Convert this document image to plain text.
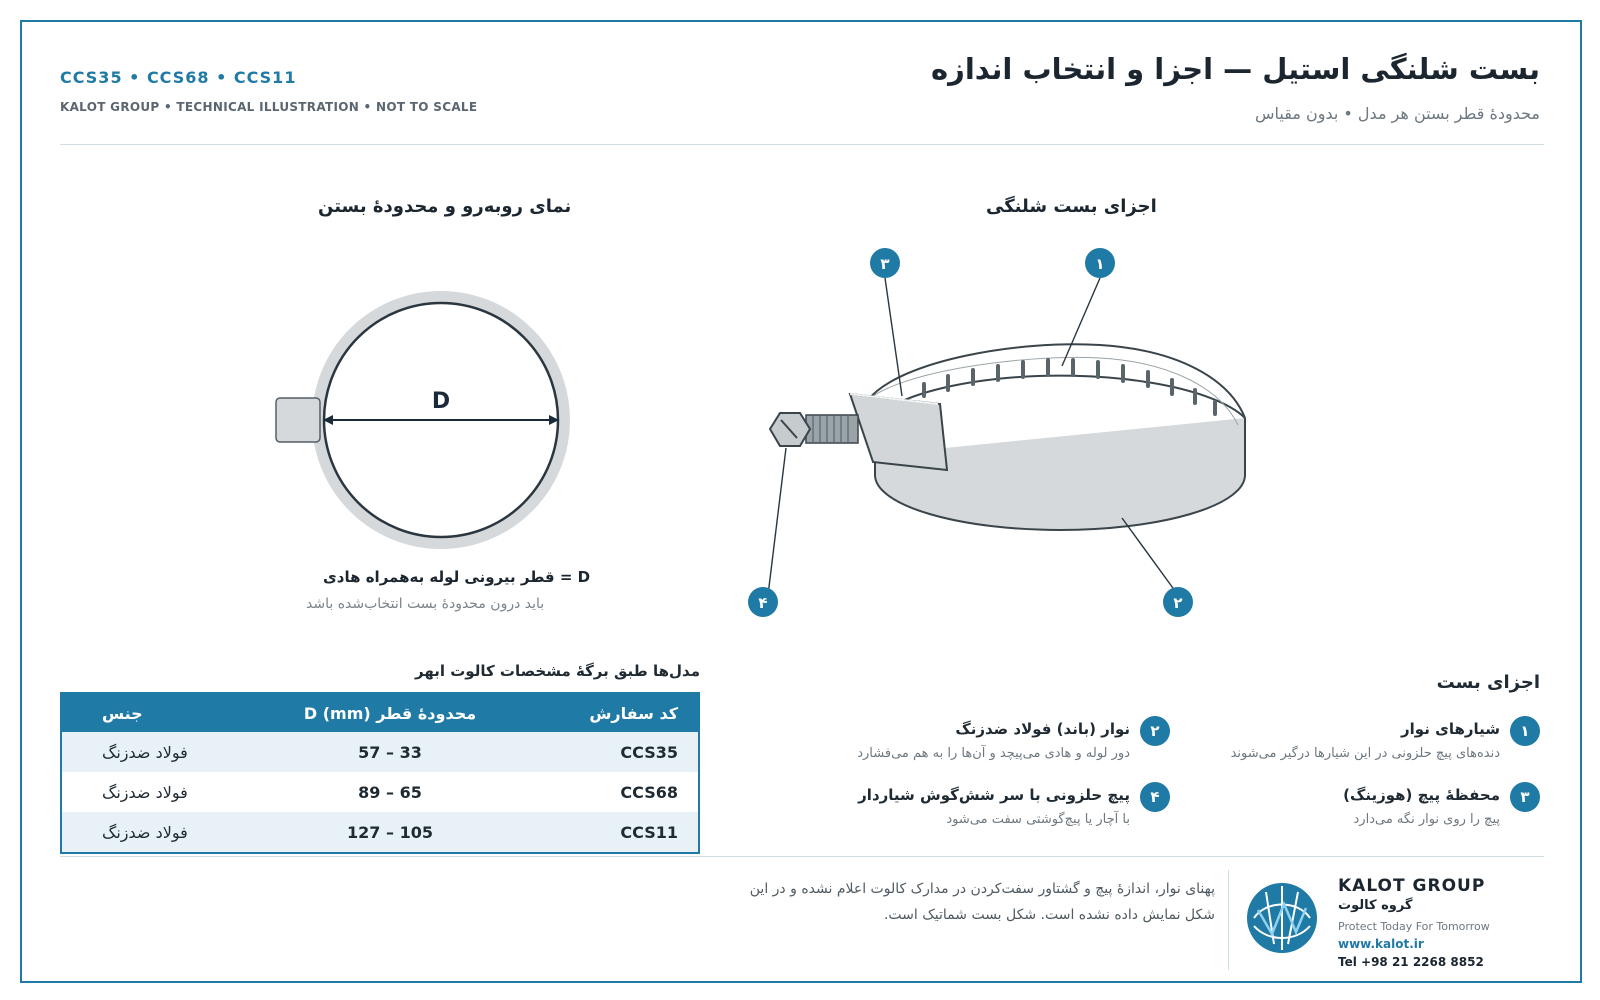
بست شلنگی استیل — اجزا و انتخاب اندازه
محدودهٔ قطر بستن هر مدل • بدون مقیاس
CCS35 • CCS68 • CCS11
KALOT GROUP • TECHNICAL ILLUSTRATION • NOT TO SCALE
نمای روبه‌رو و محدودهٔ بستن	اجزای بست شلنگی
D
۳	۱
۲
۴
D = قطر بیرونی لوله به‌همراه هادی
باید درون محدودهٔ بست انتخاب‌شده باشد
مدل‌ها طبق برگهٔ مشخصات کالوت ابهر
کد سفارش
محدودهٔ قطر D (mm)
جنس
CCS35
33 – 57
فولاد ضدزنگ
CCS68
65 – 89
فولاد ضدزنگ
CCS11
105 – 127
فولاد ضدزنگ
اجزای بست
۱
شیارهای نوار
دنده‌های پیچ حلزونی در این شیارها درگیر می‌شوند
۲
نوار (باند) فولاد ضدزنگ
دور لوله و هادی می‌پیچد و آن‌ها را به هم می‌فشارد
۳
محفظهٔ پیچ (هوزینگ)
پیچ را روی نوار نگه می‌دارد
۴
پیچ حلزونی با سر شش‌گوش شیاردار
با آچار یا پیچ‌گوشتی سفت می‌شود
پهنای نوار، اندازهٔ پیچ و گشتاور سفت‌کردن در مدارک کالوت اعلام نشده و در این شکل نمایش داده نشده است. شکل بست شماتیک است.
KALOT GROUP
گروه کالوت
Protect Today For Tomorrow
www.kalot.ir
Tel +98 21 2268 8852
